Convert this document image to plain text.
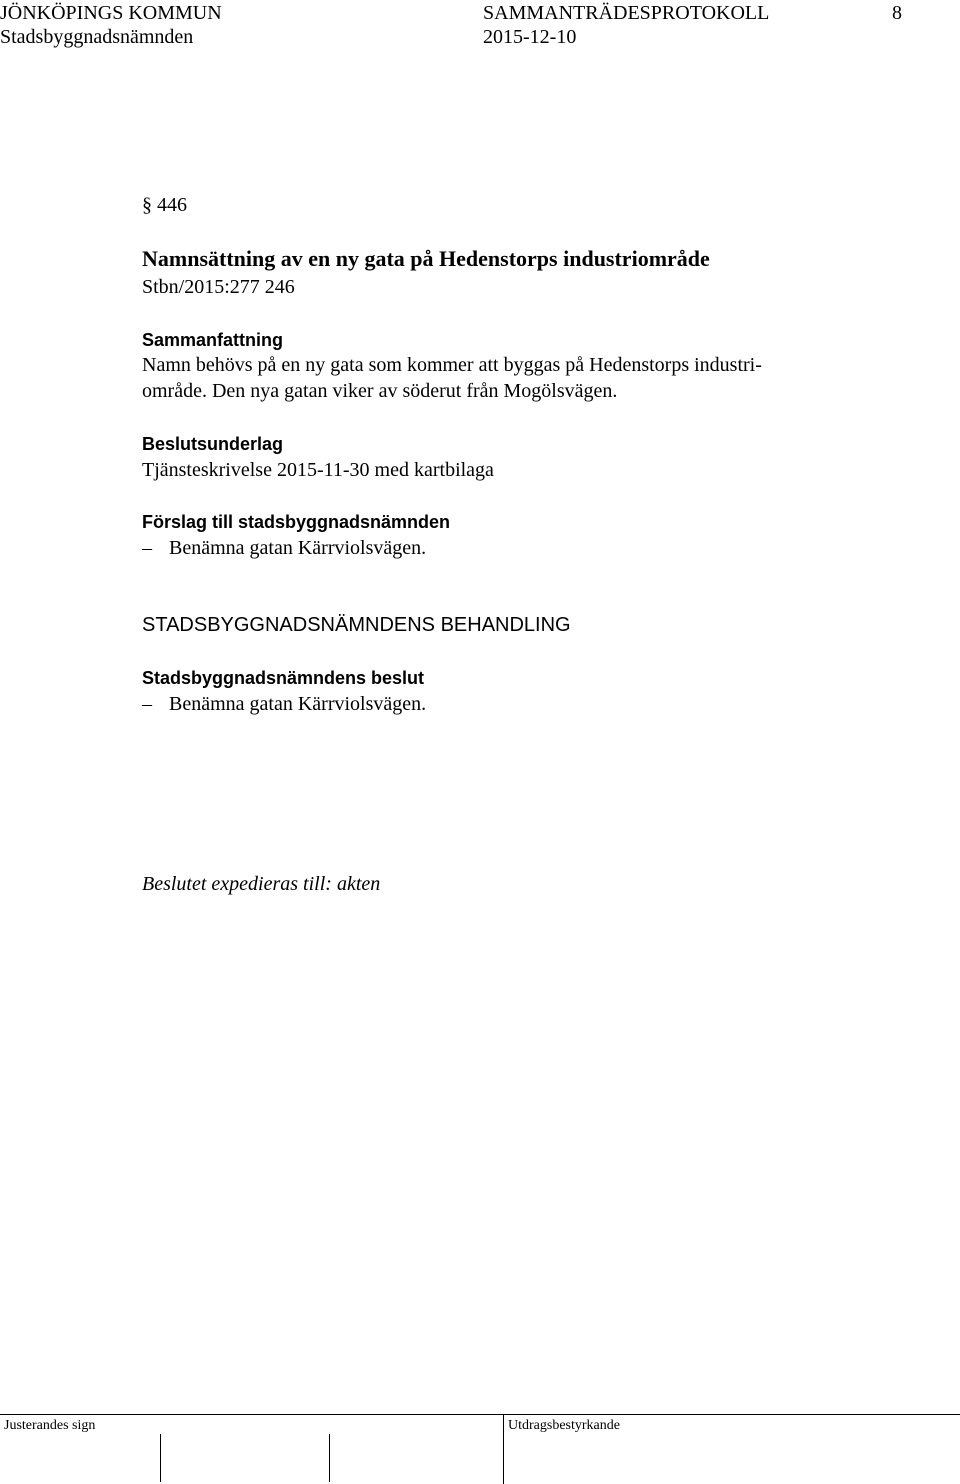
JÖNKÖPINGS KOMMUN	SAMMANTRÄDESPROTOKOLL	8
Stadsbyggnadsnämnden	2015-12-10
§ 446
Namnsättning av en ny gata på Hedenstorps industriområde
Stbn/2015:277 246
Sammanfattning
Namn behövs på en ny gata som kommer att byggas på Hedenstorps industri-
område. Den nya gatan viker av söderut från Mogölsvägen.
Beslutsunderlag
Tjänsteskrivelse 2015-11-30 med kartbilaga
Förslag till stadsbyggnadsnämnden
– Benämna gatan Kärrviolsvägen.
STADSBYGGNADSNÄMNDENS BEHANDLING
Stadsbyggnadsnämndens beslut
– Benämna gatan Kärrviolsvägen.
Beslutet expedieras till: akten
Justerandes sign	Utdragsbestyrkande
